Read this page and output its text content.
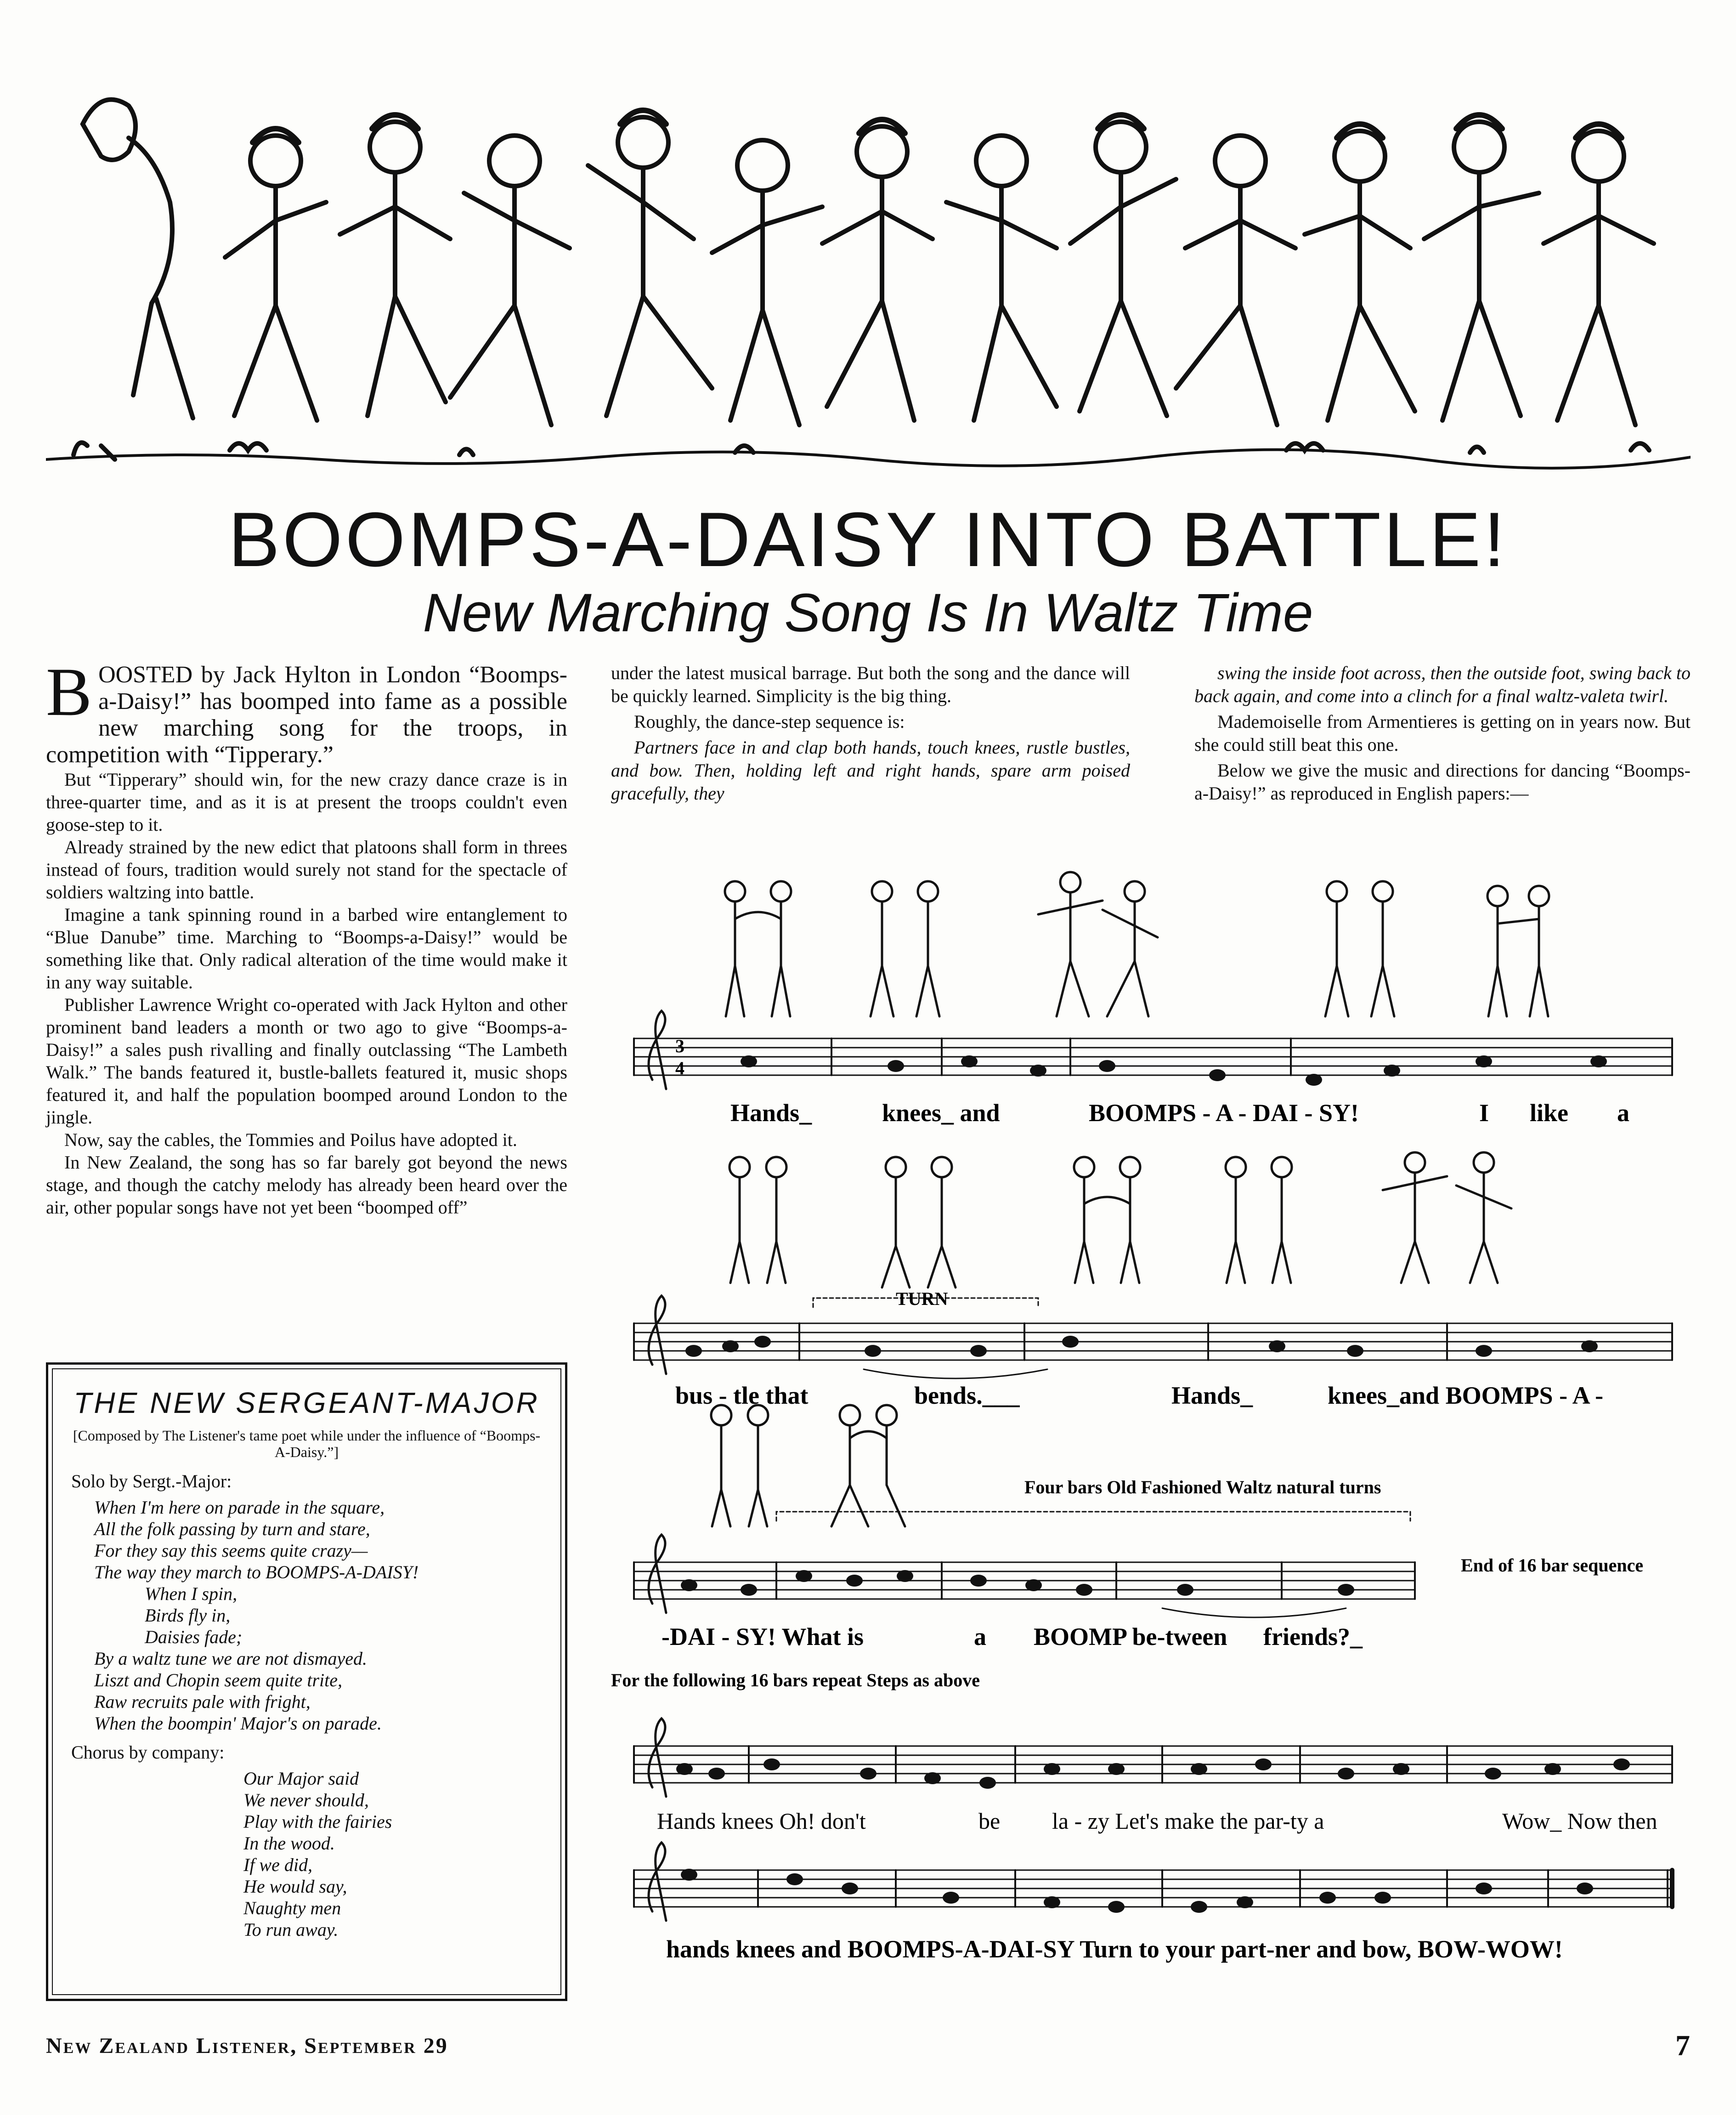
BOOMPS-A-DAISY INTO BATTLE!
New Marching Song Is In Waltz Time

BOOSTED by Jack Hylton in London “Boomps-a-Daisy!” has boomped into fame as a possible new marching song for the troops, in competition with “Tipperary.”

But “Tipperary” should win, for the new crazy dance craze is in three-quarter time, and as it is at present the troops couldn't even goose-step to it.

Already strained by the new edict that platoons shall form in threes instead of fours, tradition would surely not stand for the spectacle of soldiers waltzing into battle.

Imagine a tank spinning round in a barbed wire entanglement to “Blue Danube” time. Marching to “Boomps-a-Daisy!” would be something like that. Only radical alteration of the time would make it in any way suitable.

Publisher Lawrence Wright co-operated with Jack Hylton and other prominent band leaders a month or two ago to give “Boomps-a-Daisy!” a sales push rivalling and finally outclassing “The Lambeth Walk.” The bands featured it, bustle-ballets featured it, music shops featured it, and half the population boomped around London to the jingle.

Now, say the cables, the Tommies and Poilus have adopted it.

In New Zealand, the song has so far barely got beyond the news stage, and though the catchy melody has already been heard over the air, other popular songs have not yet been “boomped off”

THE NEW SERGEANT-MAJOR
[Composed by The Listener's tame poet while under the influence of “Boomps-A-Daisy.”]
Solo by Sergt.-Major:
When I'm here on parade in the square,
All the folk passing by turn and stare,
For they say this seems quite crazy—
The way they march to BOOMPS-A-DAISY!
When I spin,
Birds fly in,
Daisies fade;
By a waltz tune we are not dismayed.
Liszt and Chopin seem quite trite,
Raw recruits pale with fright,
When the boompin' Major's on parade.
Chorus by company:
Our Major said
We never should,
Play with the fairies
In the wood.
If we did,
He would say,
Naughty men
To run away.

under the latest musical barrage. But both the song and the dance will be quickly learned. Simplicity is the big thing.

Roughly, the dance-step sequence is:

Partners face in and clap both hands, touch knees, rustle bustles, and bow. Then, holding left and right hands, spare arm poised gracefully, they

swing the inside foot across, then the outside foot, swing back to back again, and come into a clinch for a final waltz-valeta twirl.

Mademoiselle from Armentieres is getting on in years now. But she could still beat this one.

Below we give the music and directions for dancing “Boomps-a-Daisy!” as reproduced in English papers:—

3
4
Hands_	knees_ and	BOOMPS - A - DAI - SY!	I like a
TURN
bus - tle that	bends.___	Hands_	knees_and BOOMPS - A -
Four bars Old Fashioned Waltz natural turns
End of 16 bar sequence
-DAI - SY! What is	a BOOMP be-tween friends?_
For the following 16 bars repeat Steps as above
Hands knees Oh! don't	be la - zy Let's make the par-ty a	Wow_ Now then
hands knees and BOOMPS-A-DAI-SY Turn to your part-ner and bow, BOW-WOW!
New Zealand Listener, September 29	7
